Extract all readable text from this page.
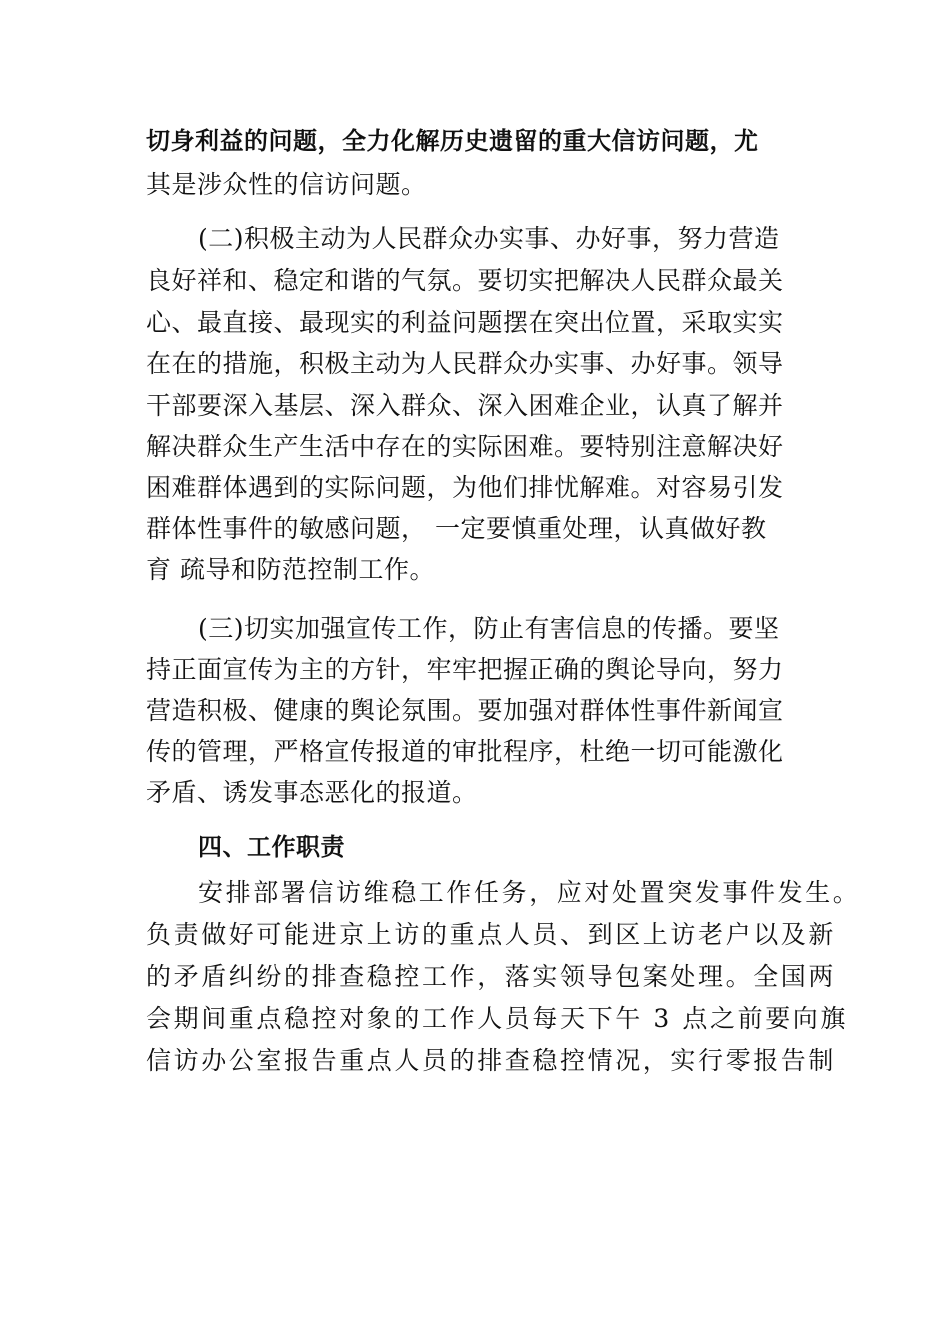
切身利益的问题，全力化解历史遗留的重大信访问题，尤
其是涉众性的信访问题。
(二)积极主动为人民群众办实事、办好事，努力营造
良好祥和、稳定和谐的气氛。要切实把解决人民群众最关
心、最直接、最现实的利益问题摆在突出位置，采取实实
在在的措施，积极主动为人民群众办实事、办好事。领导
干部要深入基层、深入群众、深入困难企业，认真了解并
解决群众生产生活中存在的实际困难。要特别注意解决好
困难群体遇到的实际问题，为他们排忧解难。对容易引发
群体性事件的敏感问题， 一定要慎重处理，认真做好教
育 疏导和防范控制工作。
(三)切实加强宣传工作，防止有害信息的传播。要坚
持正面宣传为主的方针，牢牢把握正确的舆论导向，努力
营造积极、健康的舆论氛围。要加强对群体性事件新闻宣
传的管理，严格宣传报道的审批程序，杜绝一切可能激化
矛盾、诱发事态恶化的报道。
四、工作职责
安排部署信访维稳工作任务，应对处置突发事件发生。
负责做好可能进京上访的重点人员、到区上访老户以及新
的矛盾纠纷的排查稳控工作，落实领导包案处理。全国两
会期间重点稳控对象的工作人员每天下午 3 点之前要向旗
信访办公室报告重点人员的排查稳控情况，实行零报告制
